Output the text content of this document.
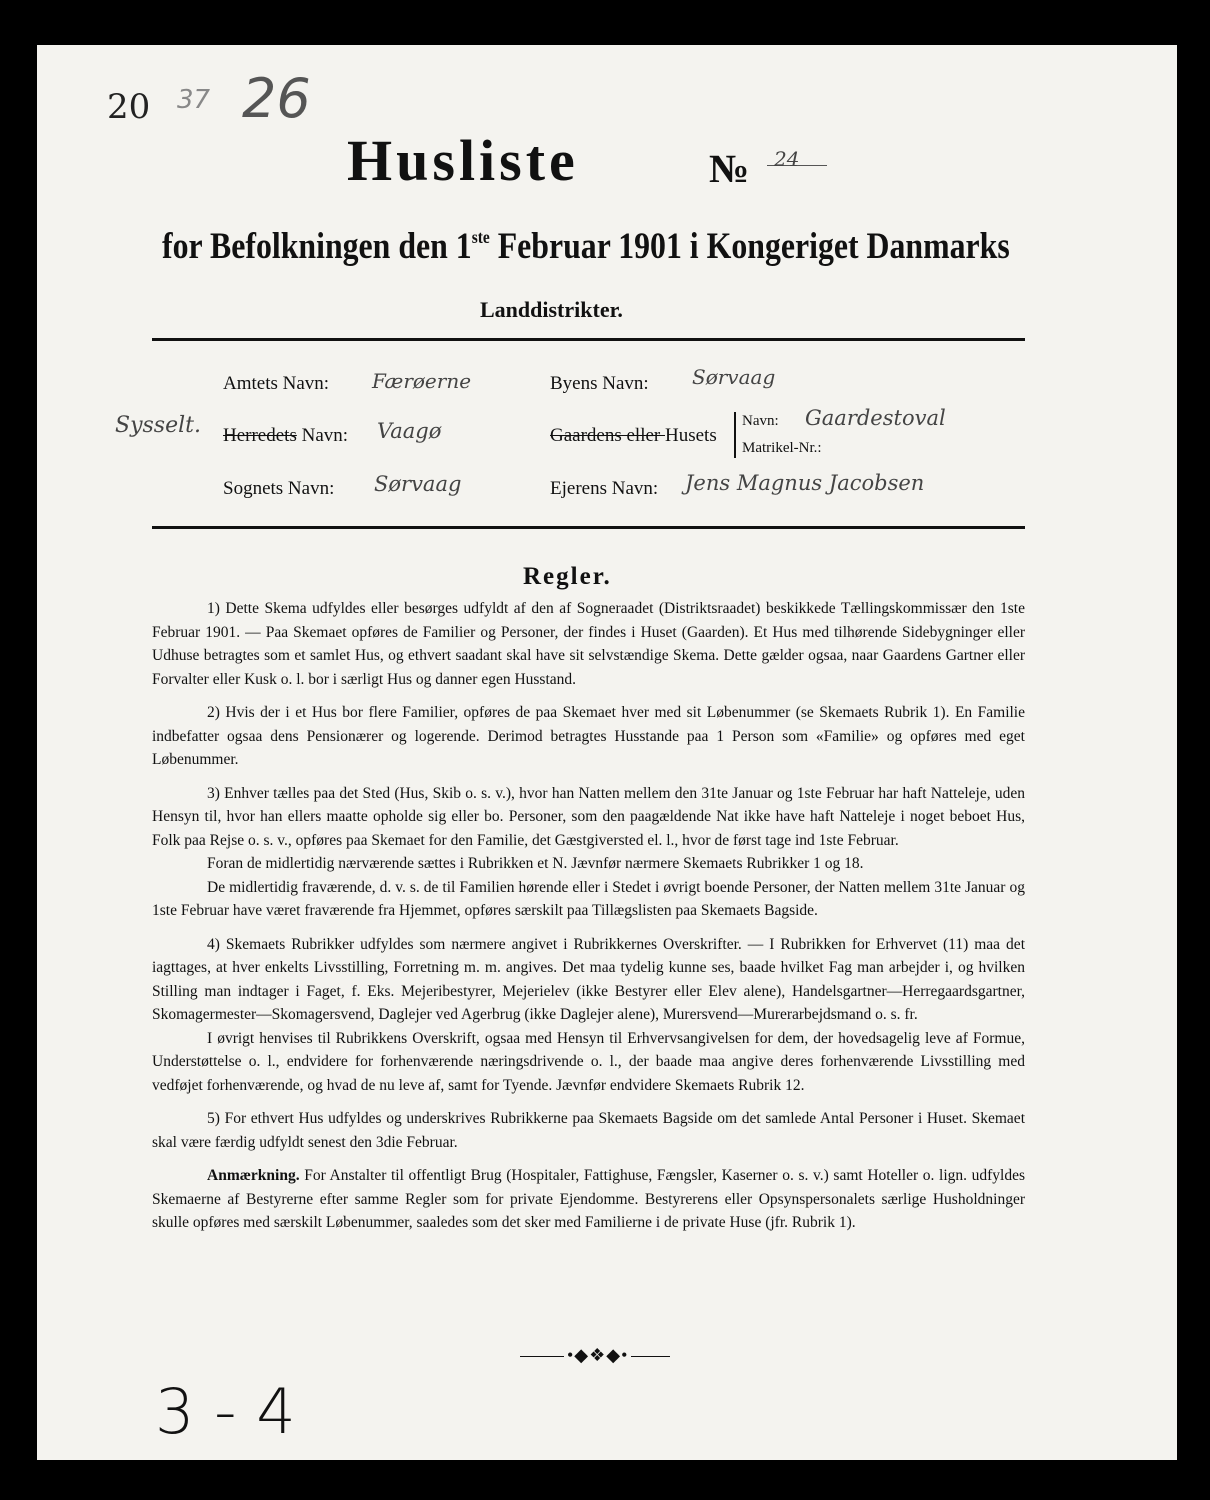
20 37 26
Husliste	№ 24
for Befolkningen den 1ste Februar 1901 i Kongeriget Danmarks
Landdistrikter.
Amtets Navn: Færøerne
Sysselt. Herredets Navn: Vaagø
Sognets Navn: Sørvaag
Byens Navn: Sørvaag
Gaardens eller Husets
Navn: Gaardestoval
Matrikel-Nr.:
Ejerens Navn: Jens Magnus Jacobsen
Regler.

1) Dette Skema udfyldes eller besørges udfyldt af den af Sogneraadet (Distriktsraadet) beskikkede Tællingskommissær den 1ste Februar 1901. — Paa Skemaet opføres de Familier og Personer, der findes i Huset (Gaarden). Et Hus med tilhørende Sidebygninger eller Udhuse betragtes som et samlet Hus, og ethvert saadant skal have sit selvstændige Skema. Dette gælder ogsaa, naar Gaardens Gartner eller Forvalter eller Kusk o. l. bor i særligt Hus og danner egen Husstand.

2) Hvis der i et Hus bor flere Familier, opføres de paa Skemaet hver med sit Løbenummer (se Skemaets Rubrik 1). En Familie indbefatter ogsaa dens Pensionærer og logerende. Derimod betragtes Husstande paa 1 Person som «Familie» og opføres med eget Løbenummer.

3) Enhver tælles paa det Sted (Hus, Skib o. s. v.), hvor han Natten mellem den 31te Januar og 1ste Februar har haft Natteleje, uden Hensyn til, hvor han ellers maatte opholde sig eller bo. Personer, som den paagældende Nat ikke have haft Natteleje i noget beboet Hus, Folk paa Rejse o. s. v., opføres paa Skemaet for den Familie, det Gæstgiversted el. l., hvor de først tage ind 1ste Februar.

Foran de midlertidig nærværende sættes i Rubrikken et N. Jævnfør nærmere Skemaets Rubrikker 1 og 18.

De midlertidig fraværende, d. v. s. de til Familien hørende eller i Stedet i øvrigt boende Personer, der Natten mellem 31te Januar og 1ste Februar have været fraværende fra Hjemmet, opføres særskilt paa Tillægslisten paa Skemaets Bagside.

4) Skemaets Rubrikker udfyldes som nærmere angivet i Rubrikkernes Overskrifter. — I Rubrikken for Erhvervet (11) maa det iagttages, at hver enkelts Livsstilling, Forretning m. m. angives. Det maa tydelig kunne ses, baade hvilket Fag man arbejder i, og hvilken Stilling man indtager i Faget, f. Eks. Mejeribestyrer, Mejerielev (ikke Bestyrer eller Elev alene), Handelsgartner—Herregaardsgartner, Skomagermester—Skomagersvend, Daglejer ved Agerbrug (ikke Daglejer alene), Murersvend—Murerarbejdsmand o. s. fr.

I øvrigt henvises til Rubrikkens Overskrift, ogsaa med Hensyn til Erhvervsangivelsen for dem, der hovedsagelig leve af Formue, Understøttelse o. l., endvidere for forhenværende næringsdrivende o. l., der baade maa angive deres forhenværende Livsstilling med vedføjet forhenværende, og hvad de nu leve af, samt for Tyende. Jævnfør endvidere Skemaets Rubrik 12.

5) For ethvert Hus udfyldes og underskrives Rubrikkerne paa Skemaets Bagside om det samlede Antal Personer i Huset. Skemaet skal være færdig udfyldt senest den 3die Februar.

Anmærkning. For Anstalter til offentligt Brug (Hospitaler, Fattighuse, Fængsler, Kaserner o. s. v.) samt Hoteller o. lign. udfyldes Skemaerne af Bestyrerne efter samme Regler som for private Ejendomme. Bestyrerens eller Opsynspersonalets særlige Husholdninger skulle opføres med særskilt Løbenummer, saaledes som det sker med Familierne i de private Huse (jfr. Rubrik 1).

•◆❖◆•
3 - 4
